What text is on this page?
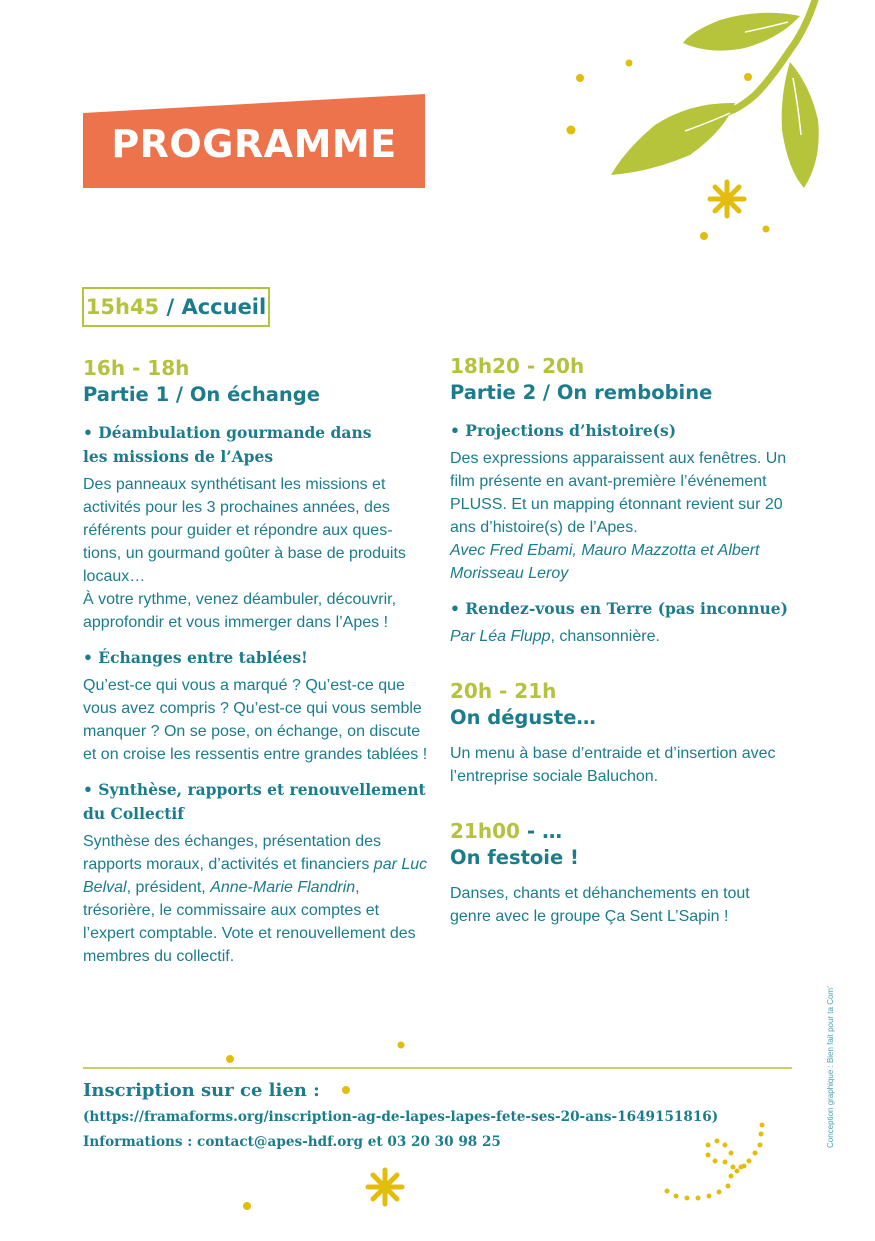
PROGRAMME
15h45
/ Accueil
16h - 18h
Partie 1 / On échange
• Déambulation gourmande dans
les missions de l’Apes
Des panneaux synthétisant les missions et activités pour les 3 prochaines années, des référents pour guider et répondre aux ques-tions, un gourmand goûter à base de produits locaux…
À votre rythme, venez déambuler, découvrir, approfondir et vous immerger dans l’Apes !
• Échanges entre tablées!
Qu’est-ce qui vous a marqué ? Qu’est-ce que vous avez compris ? Qu’est-ce qui vous semble manquer ? On se pose, on échange, on discute et on croise les ressentis entre grandes tablées !
• Synthèse, rapports et renouvellement
du Collectif
Synthèse des échanges, présentation des rapports moraux, d’activités et financiers par Luc Belval, président, Anne-Marie Flandrin, trésorière, le commissaire aux comptes et l’expert comptable. Vote et renouvellement des membres du collectif.
18h20 - 20h
Partie 2 / On rembobine
• Projections d’histoire(s)
Des expressions apparaissent aux fenêtres. Un film présente en avant-première l’événement PLUSS. Et un mapping étonnant revient sur 20 ans d’histoire(s) de l’Apes.
Avec Fred Ebami, Mauro Mazzotta et Albert Morisseau Leroy
• Rendez-vous en Terre (pas inconnue)
Par Léa Flupp, chansonnière.
20h - 21h
On déguste…
Un menu à base d’entraide et d’insertion avec l’entreprise sociale Baluchon.
21h00 - …
On festoie !
Danses, chants et déhanchements en tout genre avec le groupe Ça Sent L’Sapin !
Inscription sur ce lien :
(https://framaforms.org/inscription-ag-de-lapes-lapes-fete-ses-20-ans-1649151816)
Informations : contact@apes-hdf.org et 03 20 30 98 25	Conception graphique : Bien fait pour ta Com’
